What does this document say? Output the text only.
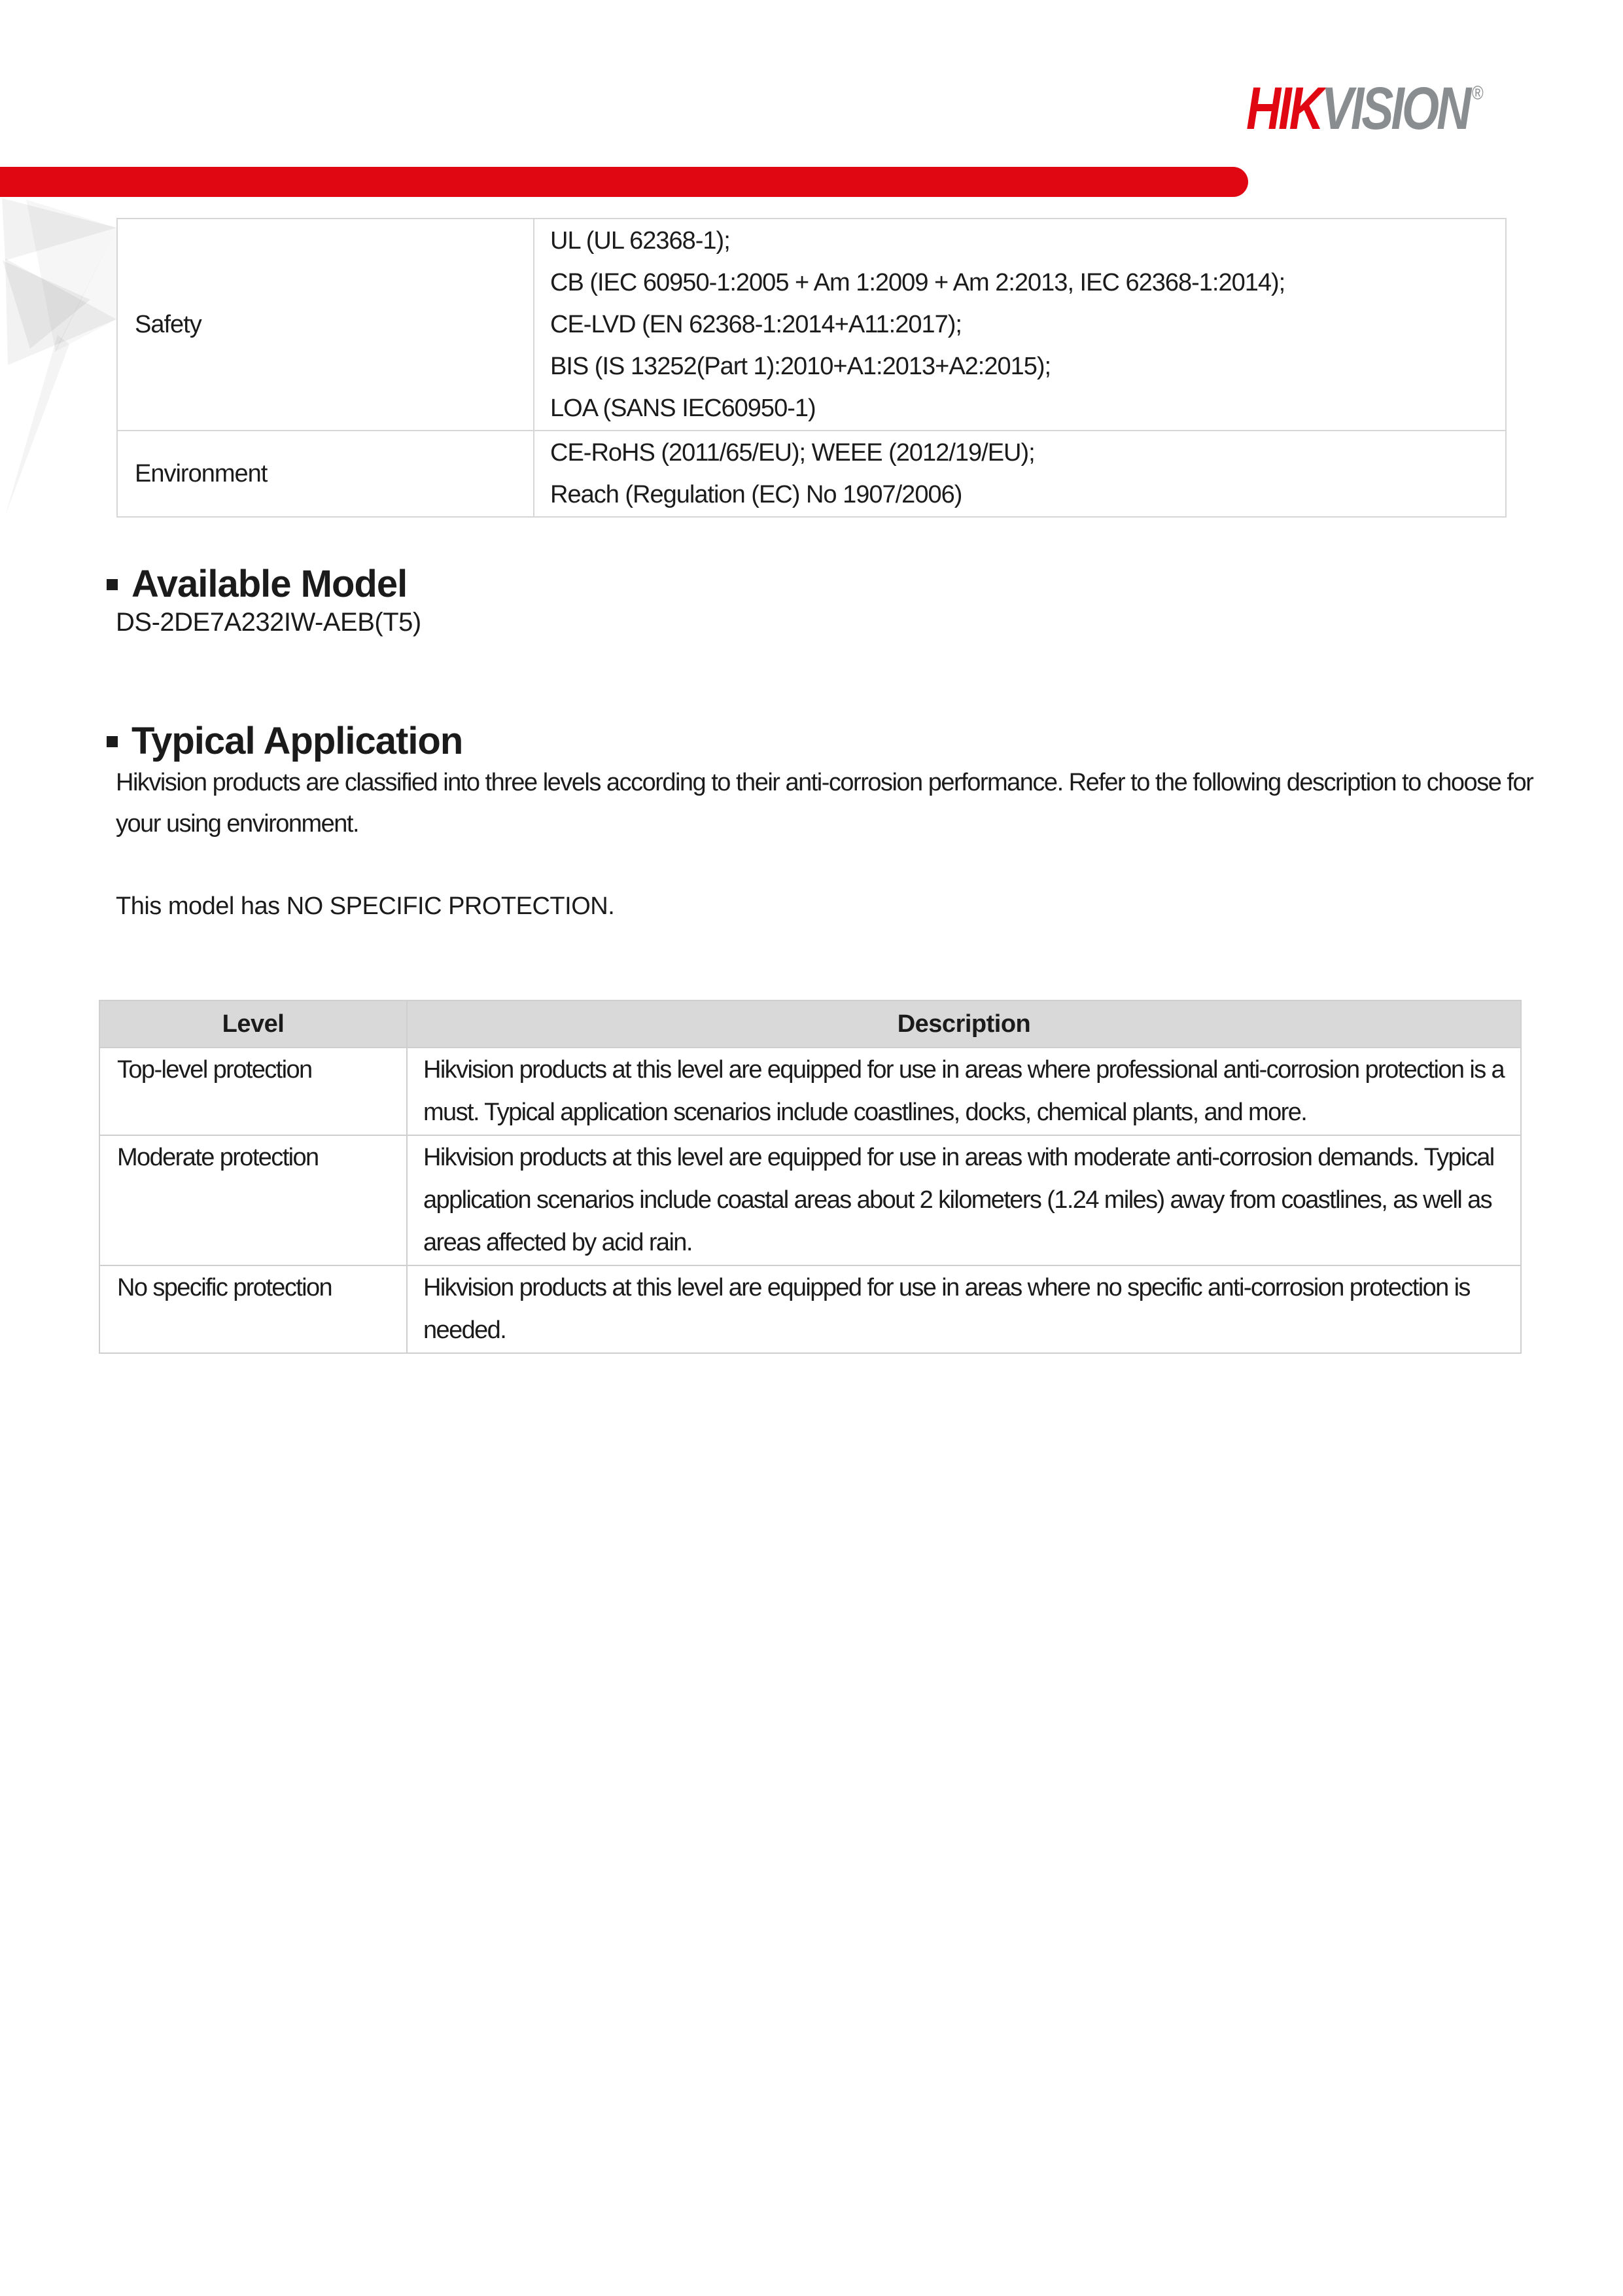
HIK VISION ®
Safety	UL (UL 62368-1);
CB (IEC 60950-1:2005 + Am 1:2009 + Am 2:2013, IEC 62368-1:2014);
CE-LVD (EN 62368-1:2014+A11:2017);
BIS (IS 13252(Part 1):2010+A1:2013+A2:2015);
LOA (SANS IEC60950-1)

Environment	CE-RoHS (2011/65/EU); WEEE (2012/19/EU);
Reach (Regulation (EC) No 1907/2006)
Available Model
DS-2DE7A232IW-AEB(T5)
Typical Application
Hikvision products are classified into three levels according to their anti-corrosion performance. Refer to the following description to choose for your using environment.
This model has NO SPECIFIC PROTECTION.
Level	Description
Top-level protection	Hikvision products at this level are equipped for use in areas where professional anti-corrosion protection is a must. Typical application scenarios include coastlines, docks, chemical plants, and more.
Moderate protection	Hikvision products at this level are equipped for use in areas with moderate anti-corrosion demands. Typical application scenarios include coastal areas about 2 kilometers (1.24 miles) away from coastlines, as well as areas affected by acid rain.
No specific protection	Hikvision products at this level are equipped for use in areas where no specific anti-corrosion protection is needed.
